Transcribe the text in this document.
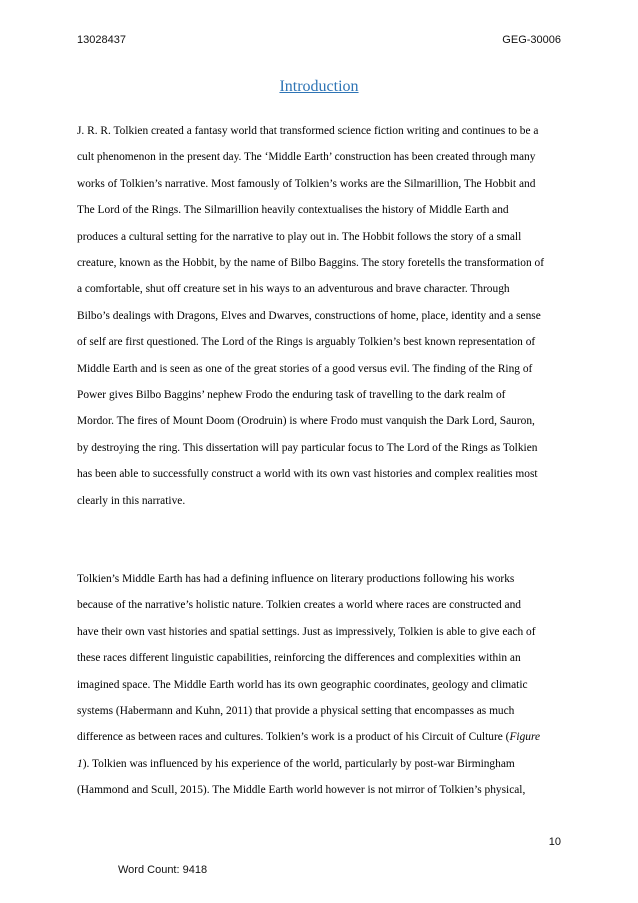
13028437	GEG-30006
Introduction
J. R. R. Tolkien created a fantasy world that transformed science fiction writing and continues to be a
cult phenomenon in the present day. The ‘Middle Earth’ construction has been created through many
works of Tolkien’s narrative. Most famously of Tolkien’s works are the Silmarillion, The Hobbit and
The Lord of the Rings. The Silmarillion heavily contextualises the history of Middle Earth and
produces a cultural setting for the narrative to play out in. The Hobbit follows the story of a small
creature, known as the Hobbit, by the name of Bilbo Baggins. The story foretells the transformation of
a comfortable, shut off creature set in his ways to an adventurous and brave character. Through
Bilbo’s dealings with Dragons, Elves and Dwarves, constructions of home, place, identity and a sense
of self are first questioned. The Lord of the Rings is arguably Tolkien’s best known representation of
Middle Earth and is seen as one of the great stories of a good versus evil. The finding of the Ring of
Power gives Bilbo Baggins’ nephew Frodo the enduring task of travelling to the dark realm of
Mordor. The fires of Mount Doom (Orodruin) is where Frodo must vanquish the Dark Lord, Sauron,
by destroying the ring. This dissertation will pay particular focus to The Lord of the Rings as Tolkien
has been able to successfully construct a world with its own vast histories and complex realities most
clearly in this narrative.
Tolkien’s Middle Earth has had a defining influence on literary productions following his works
because of the narrative’s holistic nature. Tolkien creates a world where races are constructed and
have their own vast histories and spatial settings. Just as impressively, Tolkien is able to give each of
these races different linguistic capabilities, reinforcing the differences and complexities within an
imagined space. The Middle Earth world has its own geographic coordinates, geology and climatic
systems (Habermann and Kuhn, 2011) that provide a physical setting that encompasses as much
difference as between races and cultures. Tolkien’s work is a product of his Circuit of Culture (Figure
1). Tolkien was influenced by his experience of the world, particularly by post-war Birmingham
(Hammond and Scull, 2015). The Middle Earth world however is not mirror of Tolkien’s physical,
10
Word Count: 9418
